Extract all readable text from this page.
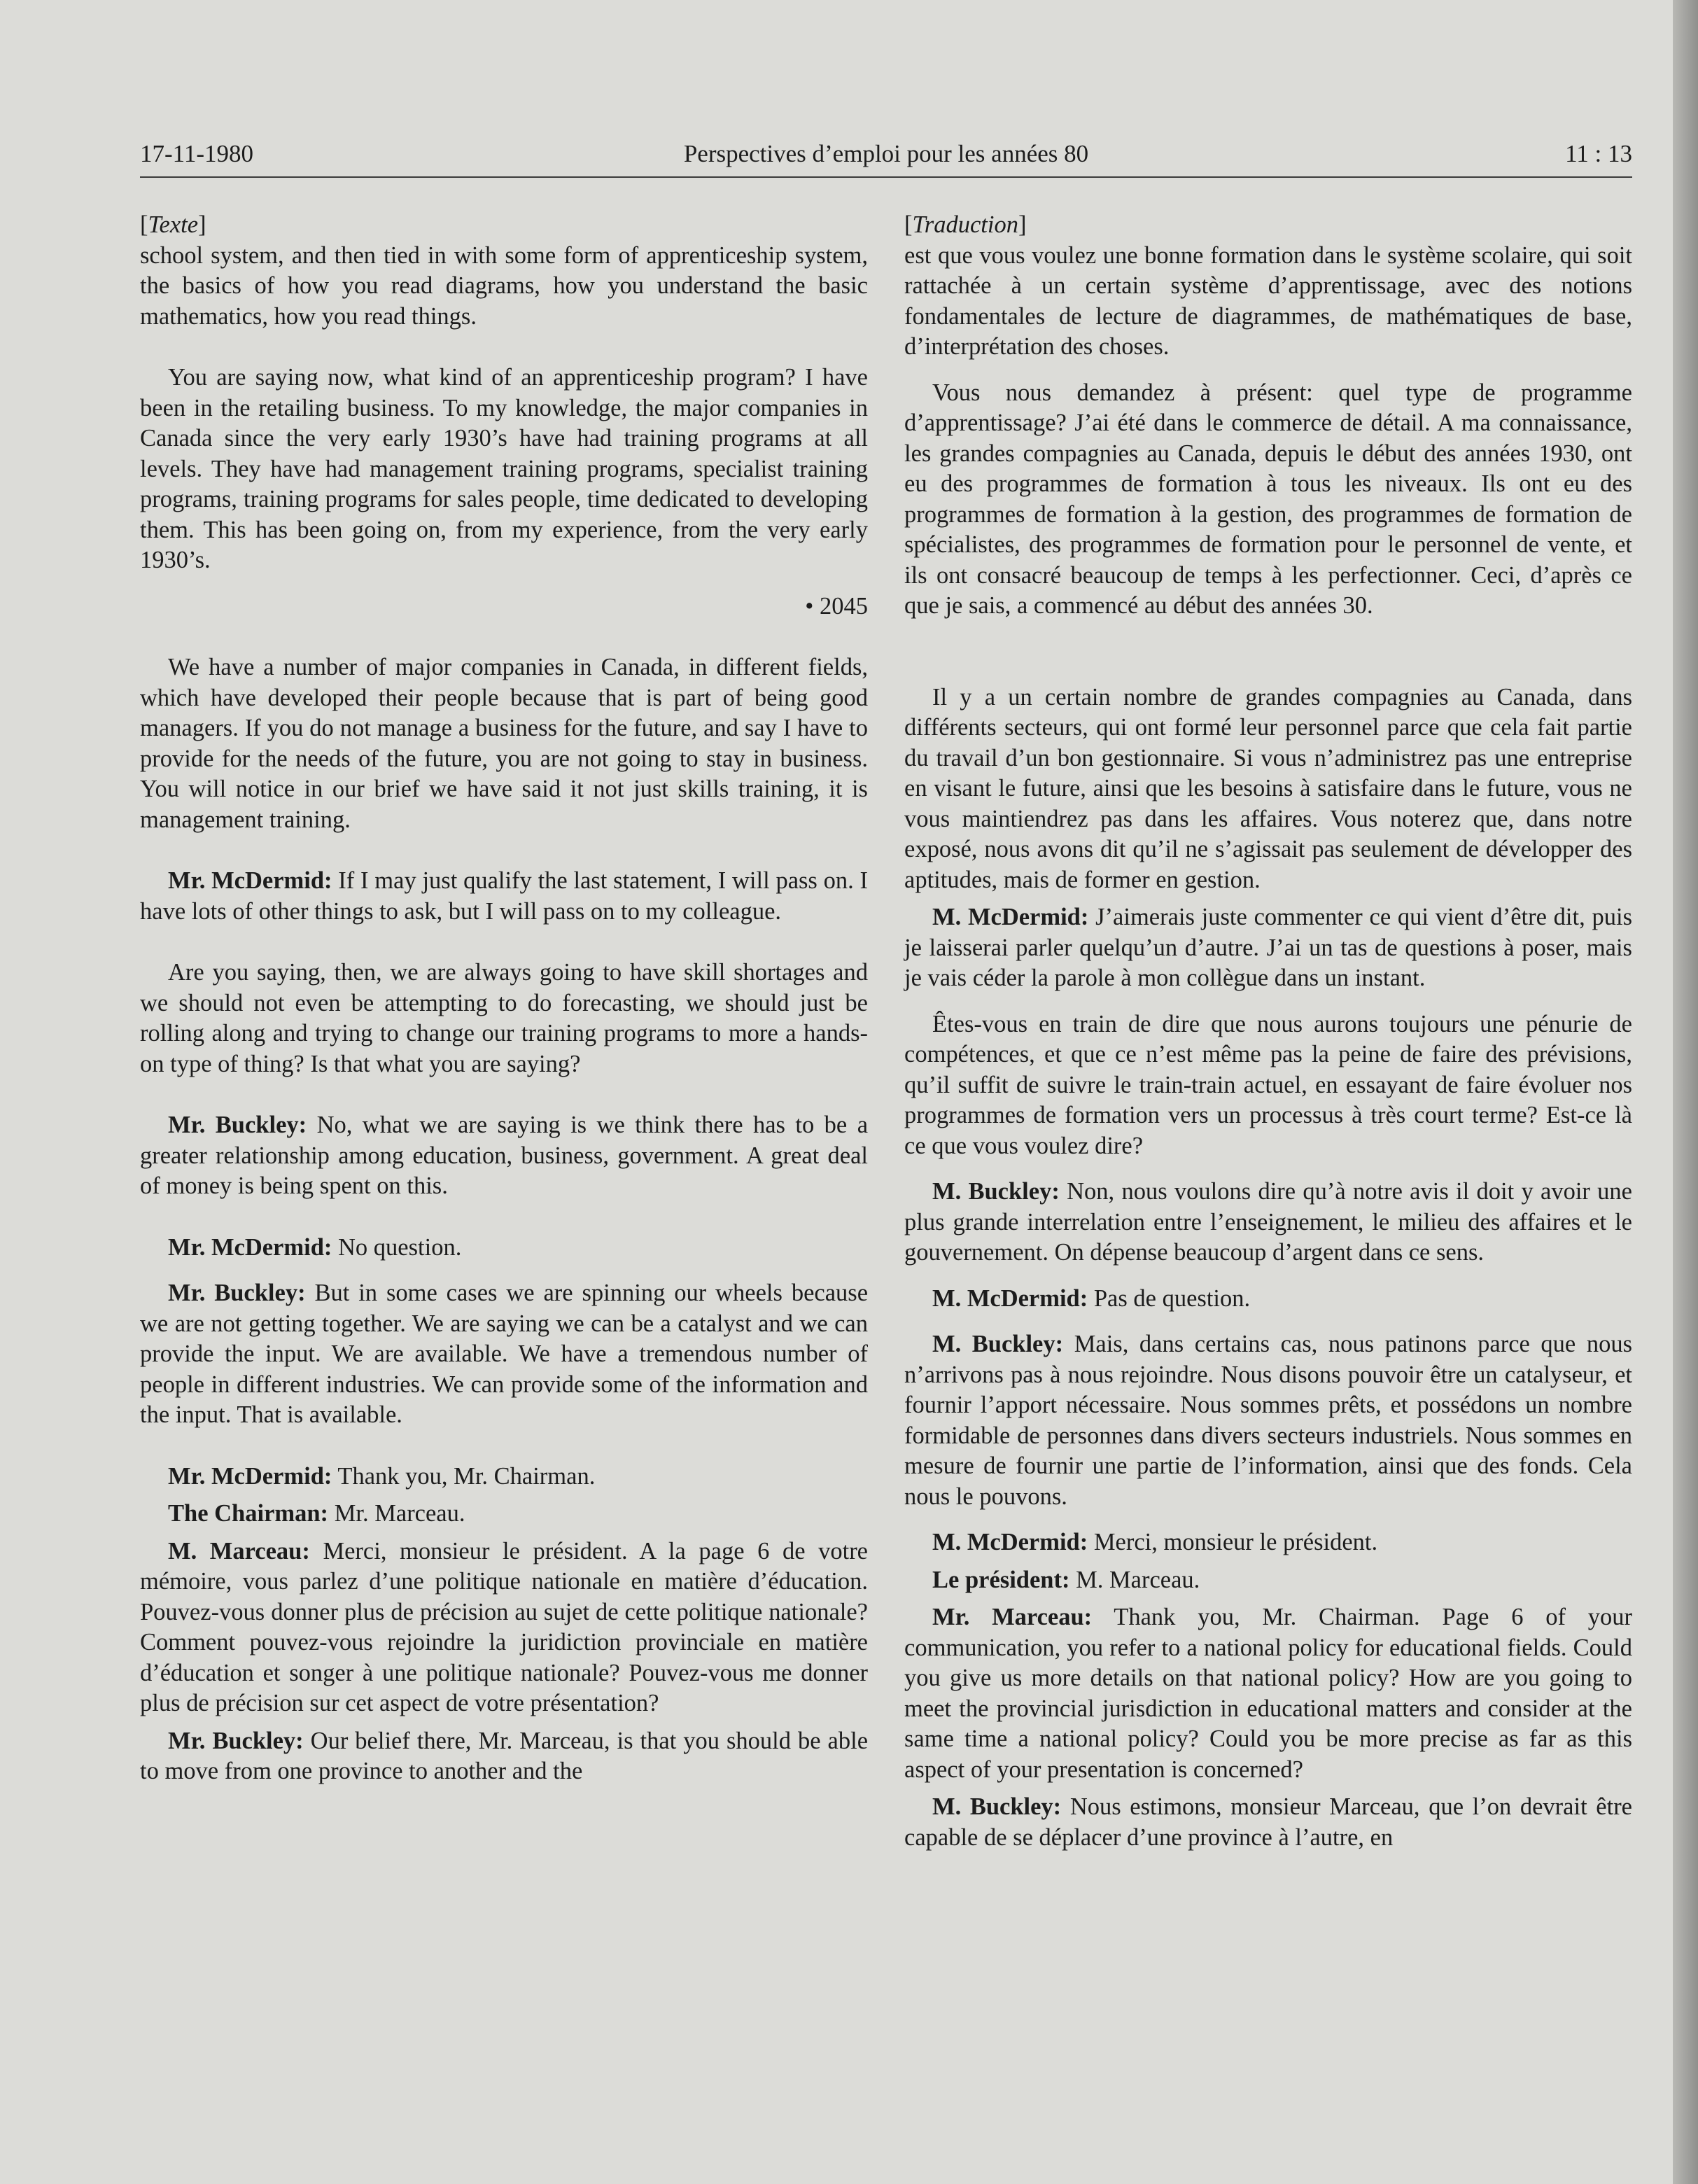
17-11-1980	Perspectives d’emploi pour les années 80	11 : 13

[ Texte ]

school system, and then tied in with some form of apprenticeship system, the basics of how you read diagrams, how you understand the basic mathematics, how you read things.

You are saying now, what kind of an apprenticeship program? I have been in the retailing business. To my knowledge, the major companies in Canada since the very early 1930’s have had training programs at all levels. They have had management training programs, specialist training programs, training programs for sales people, time dedicated to developing them. This has been going on, from my experience, from the very early 1930’s.

• 2045

We have a number of major companies in Canada, in different fields, which have developed their people because that is part of being good managers. If you do not manage a business for the future, and say I have to provide for the needs of the future, you are not going to stay in business. You will notice in our brief we have said it not just skills training, it is management training.

Mr. McDermid: If I may just qualify the last statement, I will pass on. I have lots of other things to ask, but I will pass on to my colleague.

Are you saying, then, we are always going to have skill shortages and we should not even be attempting to do forecasting, we should just be rolling along and trying to change our training programs to more a hands-on type of thing? Is that what you are saying?

Mr. Buckley: No, what we are saying is we think there has to be a greater relationship among education, business, government. A great deal of money is being spent on this.

Mr. McDermid: No question.

Mr. Buckley: But in some cases we are spinning our wheels because we are not getting together. We are saying we can be a catalyst and we can provide the input. We are available. We have a tremendous number of people in different industries. We can provide some of the information and the input. That is available.

Mr. McDermid: Thank you, Mr. Chairman.

The Chairman: Mr. Marceau.

M. Marceau: Merci, monsieur le président. A la page 6 de votre mémoire, vous parlez d’une politique nationale en matière d’éducation. Pouvez-vous donner plus de précision au sujet de cette politique nationale? Comment pouvez-vous rejoindre la juridiction provinciale en matière d’éducation et songer à une politique nationale? Pouvez-vous me donner plus de précision sur cet aspect de votre présentation?

Mr. Buckley: Our belief there, Mr. Marceau, is that you should be able to move from one province to another and the

[ Traduction ]

est que vous voulez une bonne formation dans le système scolaire, qui soit rattachée à un certain système d’apprentissage, avec des notions fondamentales de lecture de diagrammes, de mathématiques de base, d’interprétation des choses.

Vous nous demandez à présent: quel type de programme d’apprentissage? J’ai été dans le commerce de détail. A ma connaissance, les grandes compagnies au Canada, depuis le début des années 1930, ont eu des programmes de formation à tous les niveaux. Ils ont eu des programmes de formation à la gestion, des programmes de formation de spécialistes, des programmes de formation pour le personnel de vente, et ils ont consacré beaucoup de temps à les perfectionner. Ceci, d’après ce que je sais, a commencé au début des années 30.

Il y a un certain nombre de grandes compagnies au Canada, dans différents secteurs, qui ont formé leur personnel parce que cela fait partie du travail d’un bon gestionnaire. Si vous n’administrez pas une entreprise en visant le future, ainsi que les besoins à satisfaire dans le future, vous ne vous maintiendrez pas dans les affaires. Vous noterez que, dans notre exposé, nous avons dit qu’il ne s’agissait pas seulement de développer des aptitudes, mais de former en gestion.

M. McDermid: J’aimerais juste commenter ce qui vient d’être dit, puis je laisserai parler quelqu’un d’autre. J’ai un tas de questions à poser, mais je vais céder la parole à mon collègue dans un instant.

Êtes-vous en train de dire que nous aurons toujours une pénurie de compétences, et que ce n’est même pas la peine de faire des prévisions, qu’il suffit de suivre le train-train actuel, en essayant de faire évoluer nos programmes de formation vers un processus à très court terme? Est-ce là ce que vous voulez dire?

M. Buckley: Non, nous voulons dire qu’à notre avis il doit y avoir une plus grande interrelation entre l’enseignement, le milieu des affaires et le gouvernement. On dépense beaucoup d’argent dans ce sens.

M. McDermid: Pas de question.

M. Buckley: Mais, dans certains cas, nous patinons parce que nous n’arrivons pas à nous rejoindre. Nous disons pouvoir être un catalyseur, et fournir l’apport nécessaire. Nous sommes prêts, et possédons un nombre formidable de personnes dans divers secteurs industriels. Nous sommes en mesure de fournir une partie de l’information, ainsi que des fonds. Cela nous le pouvons.

M. McDermid: Merci, monsieur le président.

Le président: M. Marceau.

Mr. Marceau: Thank you, Mr. Chairman. Page 6 of your communication, you refer to a national policy for educational fields. Could you give us more details on that national policy? How are you going to meet the provincial jurisdiction in educational matters and consider at the same time a national policy? Could you be more precise as far as this aspect of your presentation is concerned?

M. Buckley: Nous estimons, monsieur Marceau, que l’on devrait être capable de se déplacer d’une province à l’autre, en
